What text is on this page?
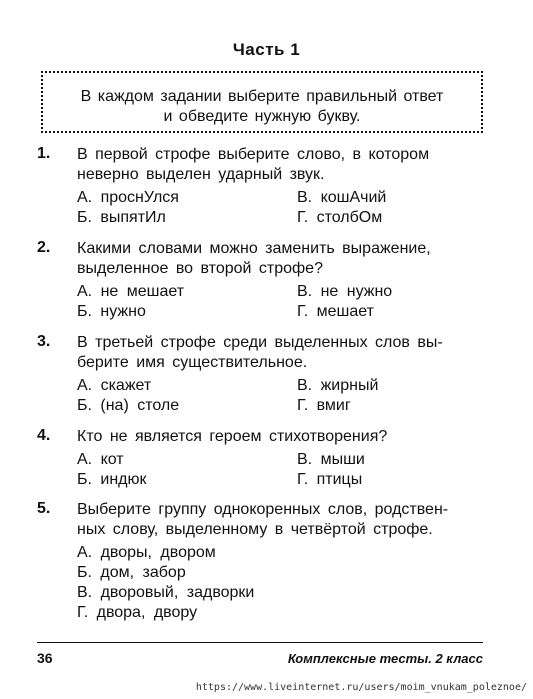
Часть 1
В каждом задании выберите правильный ответ
и обведите нужную букву.
1. В первой строфе выберите слово, в котором
неверно выделен ударный звук.
А. проснУлся	В. кошАчий
Б. выпятИл	Г. столбОм
2. Какими словами можно заменить выражение,
выделенное во второй строфе?
А. не мешает	В. не нужно
Б. нужно	Г. мешает
3. В третьей строфе среди выделенных слов вы-
берите имя существительное.
А. скажет	В. жирный
Б. (на) столе	Г. вмиг
4. Кто не является героем стихотворения?
А. кот	В. мыши
Б. индюк	Г. птицы
5. Выберите группу однокоренных слов, родствен-
ных слову, выделенному в четвёртой строфе.
А. дворы, двором
Б. дом, забор
В. дворовый, задворки
Г. двора, двору
36	Комплексные тесты. 2 класс
https://www.liveinternet.ru/users/moim_vnukam_poleznoe/
